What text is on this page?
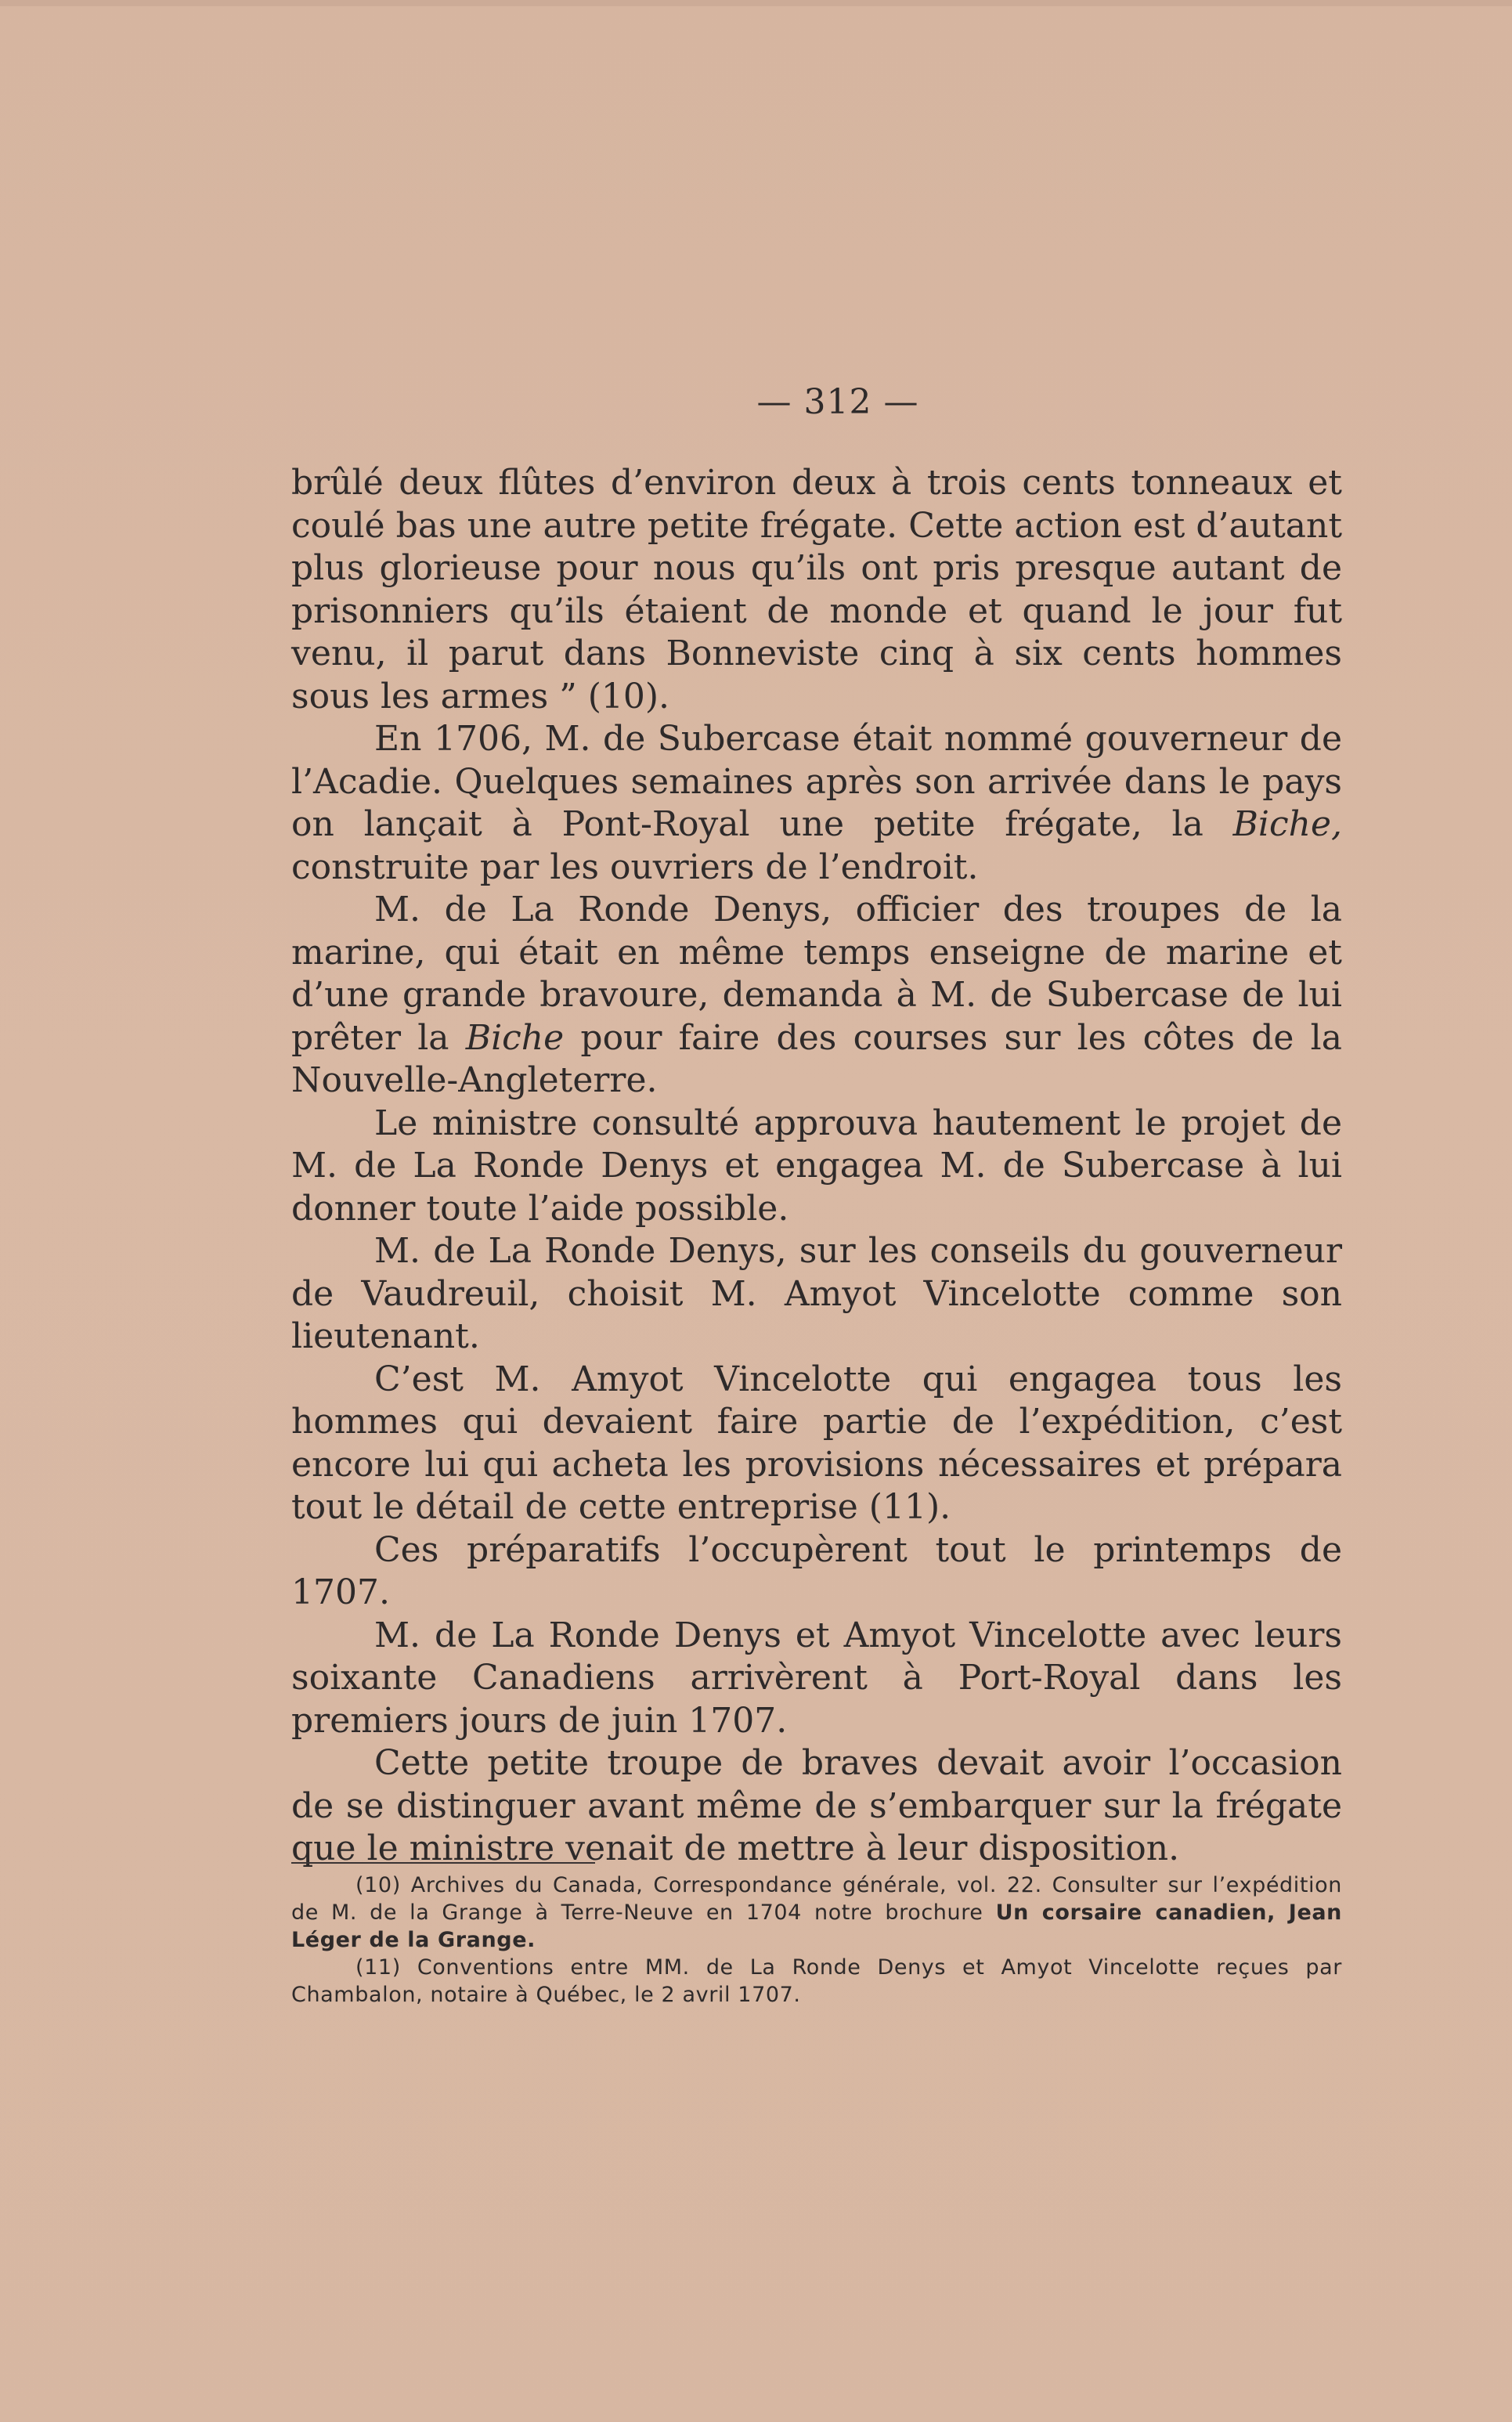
— 312 —

brûlé deux flûtes d’environ deux à trois cents tonneaux et coulé bas une autre petite frégate. Cette action est d’autant plus glorieuse pour nous qu’ils ont pris presque autant de prisonniers qu’ils étaient de monde et quand le jour fut venu, il parut dans Bonneviste cinq à six cents hommes sous les armes ” (10).

En 1706, M. de Subercase était nommé gouverneur de l’Acadie. Quelques semaines après son arrivée dans le pays on lançait à Pont-Royal une petite frégate, la Biche, construite par les ouvriers de l’endroit.

M. de La Ronde Denys, officier des troupes de la marine, qui était en même temps enseigne de marine et d’une grande bravoure, demanda à M. de Subercase de lui prêter la Biche pour faire des courses sur les côtes de la Nouvelle-Angleterre.

Le ministre consulté approuva hautement le projet de M. de La Ronde Denys et engagea M. de Subercase à lui donner toute l’aide possible.

M. de La Ronde Denys, sur les conseils du gouverneur de Vaudreuil, choisit M. Amyot Vincelotte comme son lieutenant.

C’est M. Amyot Vincelotte qui engagea tous les hommes qui devaient faire partie de l’expédition, c’est encore lui qui acheta les provisions nécessaires et prépara tout le détail de cette entreprise (11).

Ces préparatifs l’occupèrent tout le printemps de 1707.

M. de La Ronde Denys et Amyot Vincelotte avec leurs soixante Canadiens arrivèrent à Port-Royal dans les premiers jours de juin 1707.

Cette petite troupe de braves devait avoir l’occasion de se distinguer avant même de s’embarquer sur la frégate que le ministre venait de mettre à leur disposition.

(10) Archives du Canada, Correspondance générale, vol. 22. Consulter sur l’expédition de M. de la Grange à Terre-Neuve en 1704 notre brochure Un corsaire canadien, Jean Léger de la Grange.

(11) Conventions entre MM. de La Ronde Denys et Amyot Vincelotte reçues par Chambalon, notaire à Québec, le 2 avril 1707.
